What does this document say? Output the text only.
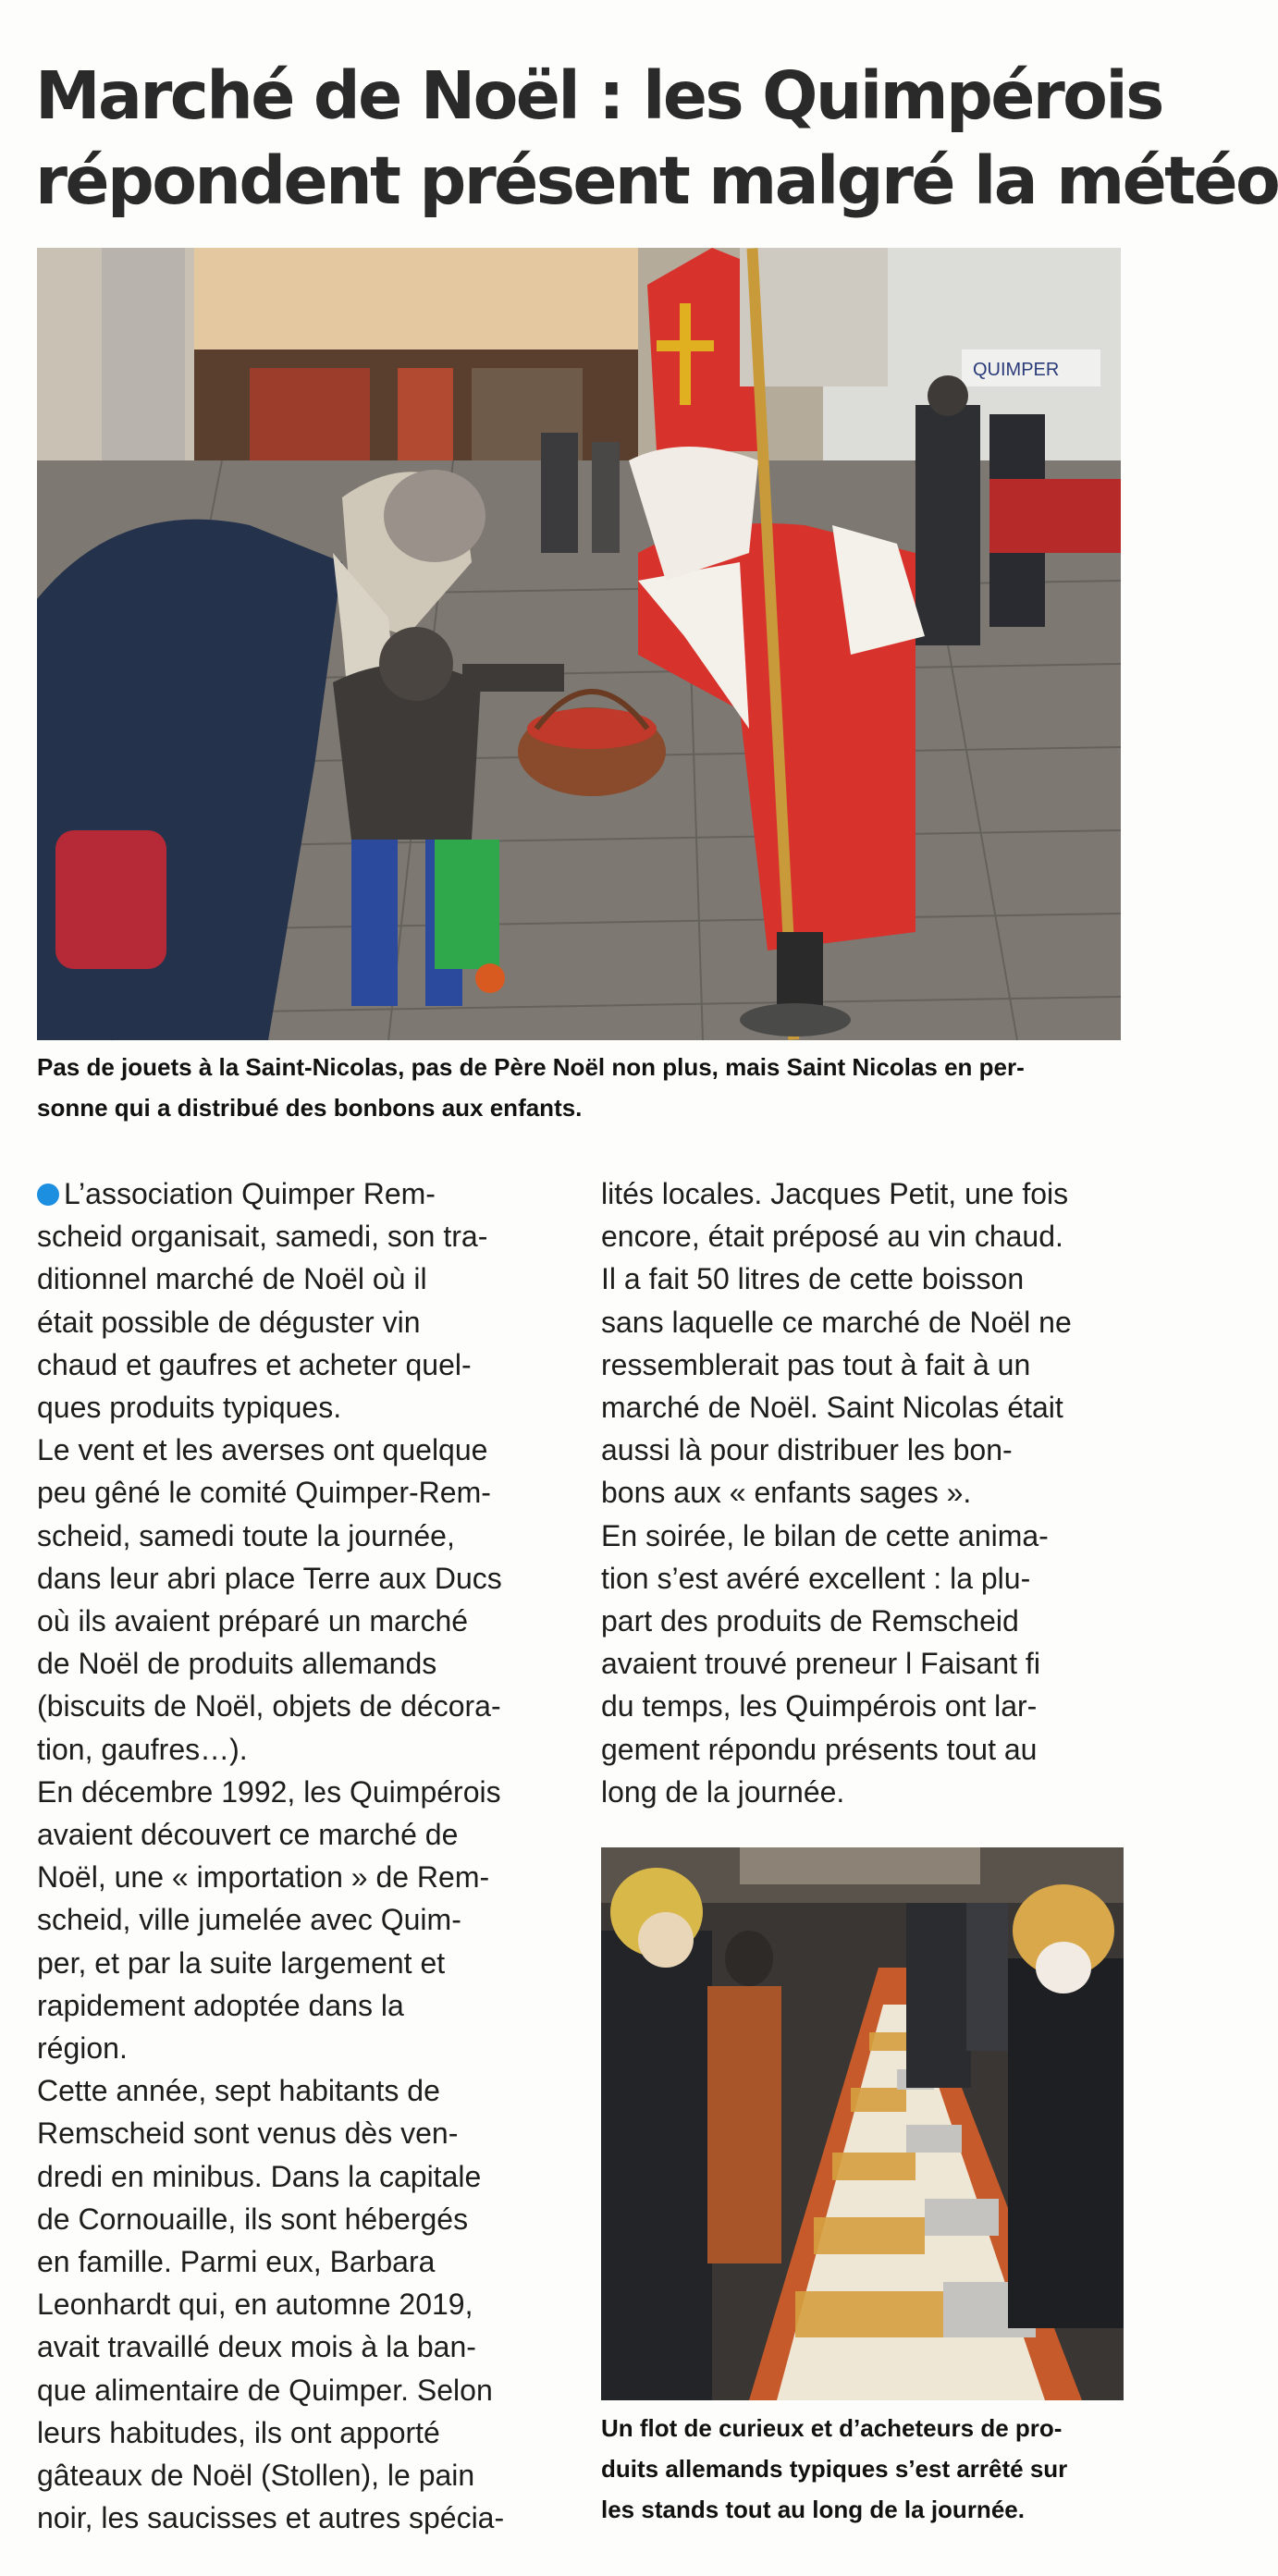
Marché de Noël : les Quimpérois
répondent présent malgré la météo
QUIMPER
Pas de jouets à la Saint-Nicolas, pas de Père Noël non plus, mais Saint Nicolas en per-
sonne qui a distribué des bonbons aux enfants.
L’association Quimper Rem-
scheid organisait, samedi, son tra-
ditionnel marché de Noël où il
était possible de déguster vin
chaud et gaufres et acheter quel-
ques produits typiques.
Le vent et les averses ont quelque
peu gêné le comité Quimper-Rem-
scheid, samedi toute la journée,
dans leur abri place Terre aux Ducs
où ils avaient préparé un marché
de Noël de produits allemands
(biscuits de Noël, objets de décora-
tion, gaufres…).
En décembre 1992, les Quimpérois
avaient découvert ce marché de
Noël, une « importation » de Rem-
scheid, ville jumelée avec Quim-
per, et par la suite largement et
rapidement adoptée dans la
région.
Cette année, sept habitants de
Remscheid sont venus dès ven-
dredi en minibus. Dans la capitale
de Cornouaille, ils sont hébergés
en famille. Parmi eux, Barbara
Leonhardt qui, en automne 2019,
avait travaillé deux mois à la ban-
que alimentaire de Quimper. Selon
leurs habitudes, ils ont apporté
gâteaux de Noël (Stollen), le pain
noir, les saucisses et autres spécia-
lités locales. Jacques Petit, une fois
encore, était préposé au vin chaud.
Il a fait 50 litres de cette boisson
sans laquelle ce marché de Noël ne
ressemblerait pas tout à fait à un
marché de Noël. Saint Nicolas était
aussi là pour distribuer les bon-
bons aux « enfants sages ».
En soirée, le bilan de cette anima-
tion s’est avéré excellent : la plu-
part des produits de Remscheid
avaient trouvé preneur l Faisant fi
du temps, les Quimpérois ont lar-
gement répondu présents tout au
long de la journée.
Un flot de curieux et d’acheteurs de pro-
duits allemands typiques s’est arrêté sur
les stands tout au long de la journée.
